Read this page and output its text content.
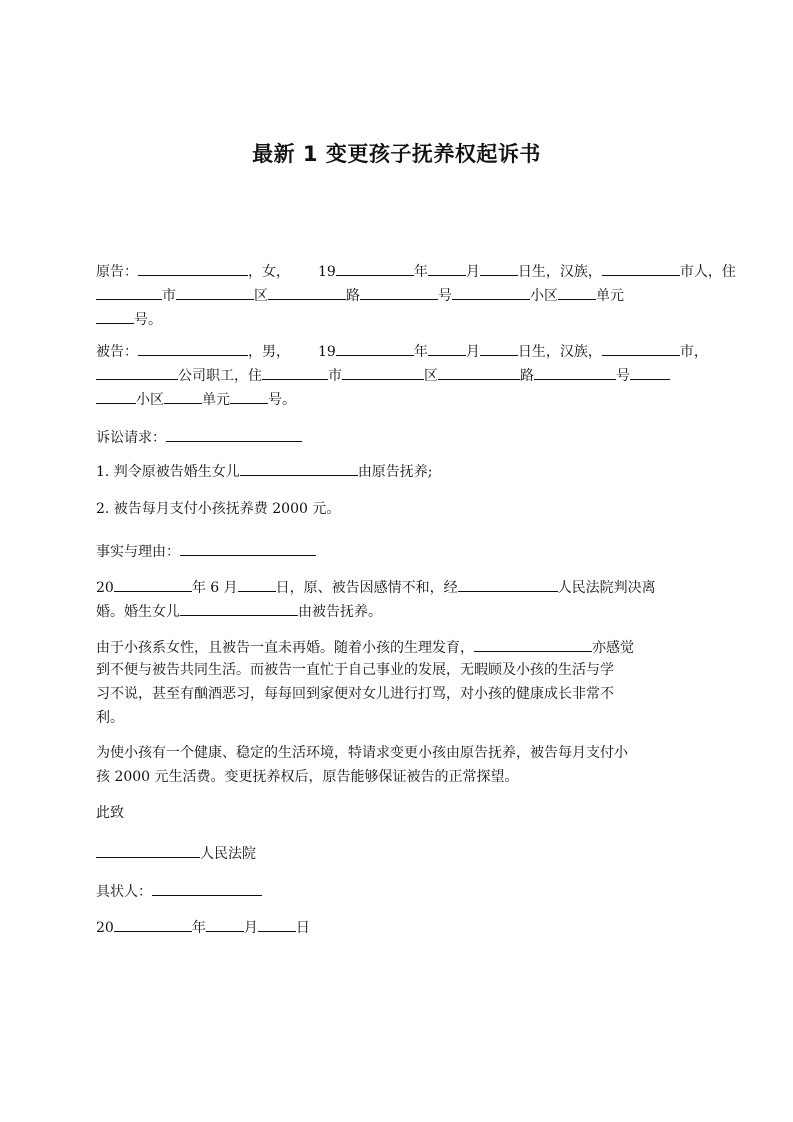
最新 1 变更孩子抚养权起诉书
原告：	，女， 19	年	月	日生，汉族，	市人，住
市	区	路	号	小区	单元
号。
被告：	，男， 19	年	月	日生，汉族，	市，
公司职工，住	市	区	路	号
小区	单元	号。
诉讼请求：
1. 判令原被告婚生女儿	由原告抚养;
2. 被告每月支付小孩抚养费 2000 元。
事实与理由：
20	年 6 月	日，原、被告因感情不和，经	人民法院判决离
婚。婚生女儿	由被告抚养。
由于小孩系女性，且被告一直未再婚。随着小孩的生理发育，	亦感觉
到不便与被告共同生活。而被告一直忙于自己事业的发展，无暇顾及小孩的生活与学
习不说，甚至有酗酒恶习，每每回到家便对女儿进行打骂，对小孩的健康成长非常不
利。
为使小孩有一个健康、稳定的生活环境，特请求变更小孩由原告抚养，被告每月支付小
孩 2000 元生活费。变更抚养权后，原告能够保证被告的正常探望。
此致
人民法院
具状人：
20	年	月	日
